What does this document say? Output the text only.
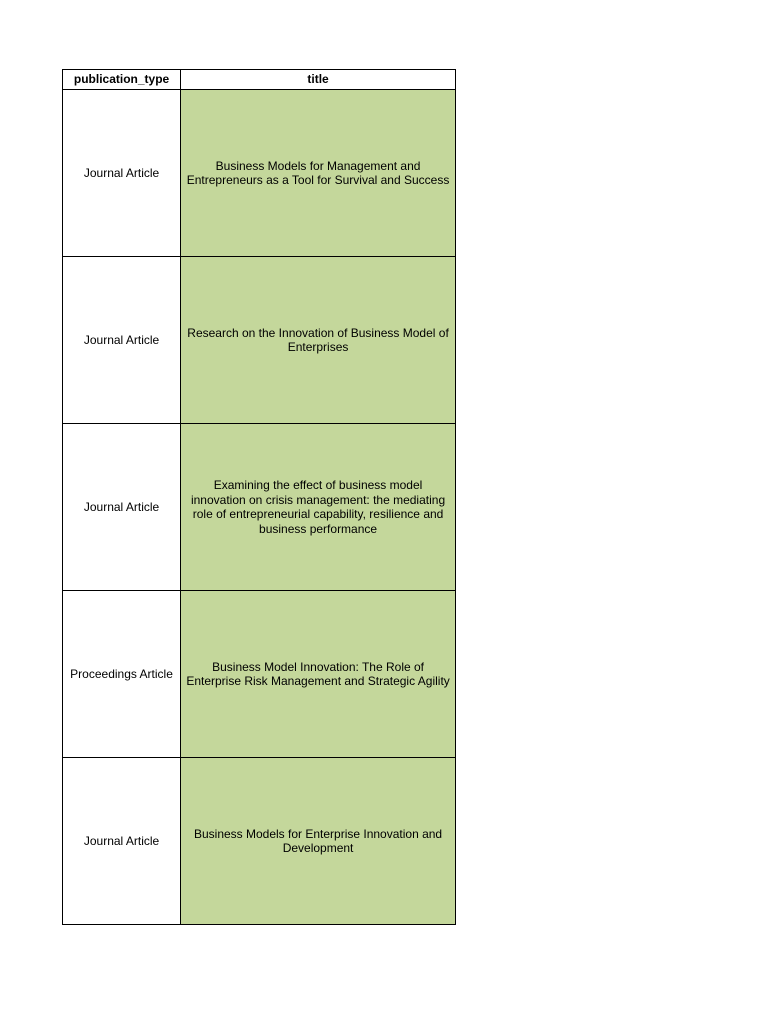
publication_type	title
Journal Article	Business Models for Management and Entrepreneurs as a Tool for Survival and Success
Journal Article	Research on the Innovation of Business Model of Enterprises
Journal Article	Examining the effect of business model innovation on crisis management: the mediating role of entrepreneurial capability, resilience and business performance
Proceedings Article	Business Model Innovation: The Role of Enterprise Risk Management and Strategic Agility
Journal Article	Business Models for Enterprise Innovation and Development
